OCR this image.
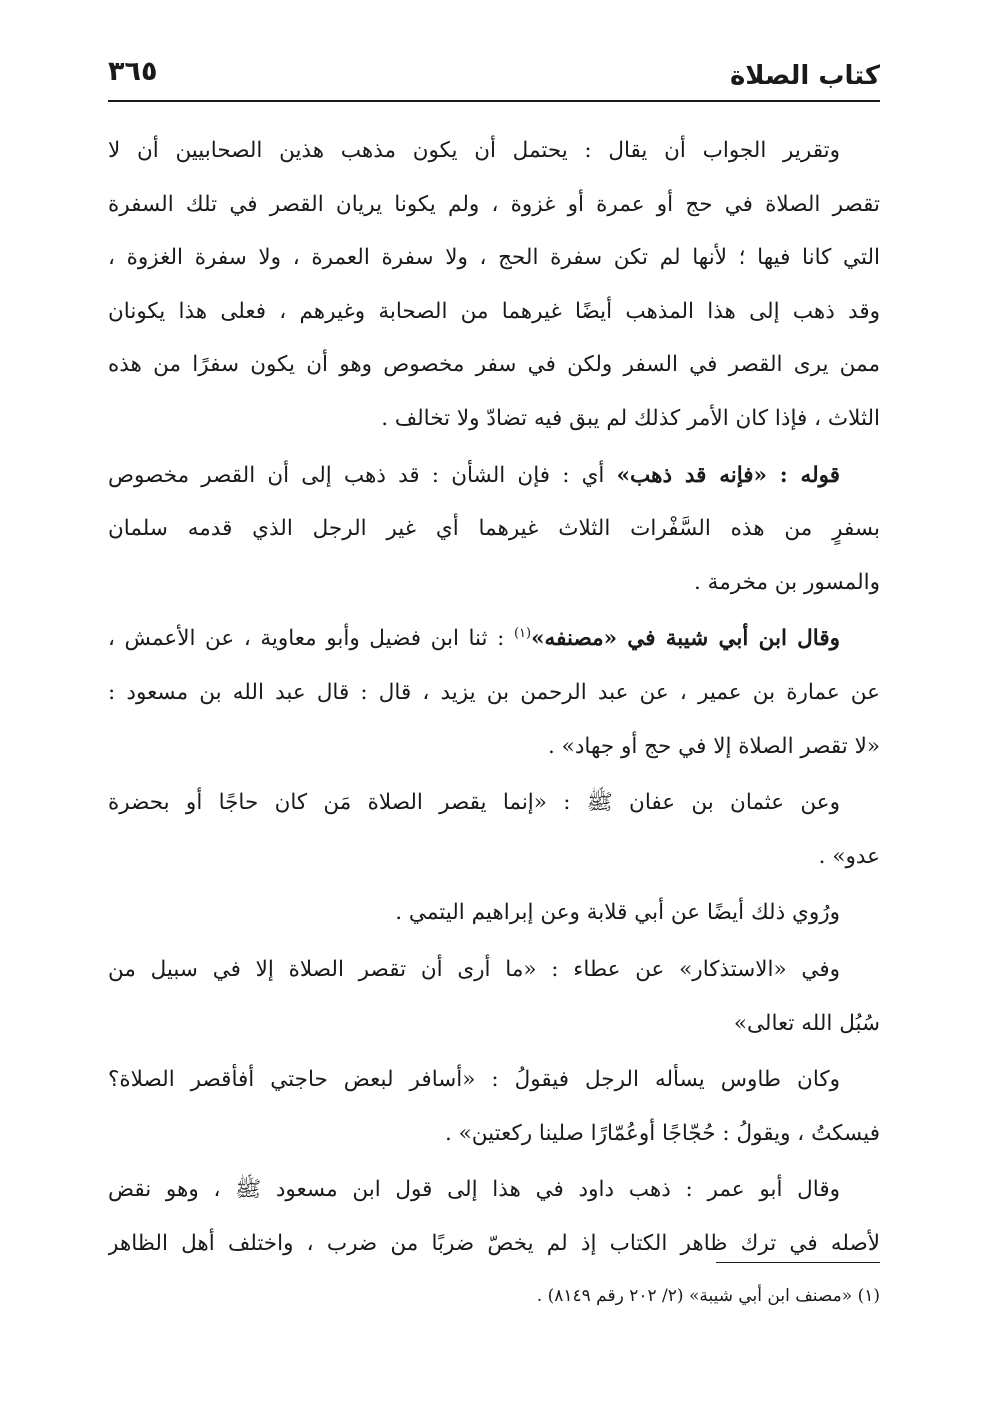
كتاب الصلاة
٣٦٥
وتقرير الجواب أن يقال : يحتمل أن يكون مذهب هذين الصحابيين أن لا
تقصر الصلاة في حج أو عمرة أو غزوة ، ولم يكونا يريان القصر في تلك السفرة
التي كانا فيها ؛ لأنها لم تكن سفرة الحج ، ولا سفرة العمرة ، ولا سفرة الغزوة ،
وقد ذهب إلى هذا المذهب أيضًا غيرهما من الصحابة وغيرهم ، فعلى هذا يكونان
ممن يرى القصر في السفر ولكن في سفر مخصوص وهو أن يكون سفرًا من هذه
الثلاث ، فإذا كان الأمر كذلك لم يبق فيه تضادّ ولا تخالف .
قوله : «فإنه قد ذهب» أي : فإن الشأن : قد ذهب إلى أن القصر مخصوص
بسفرٍ من هذه السَّفْرات الثلاث غيرهما أي غير الرجل الذي قدمه سلمان
والمسور بن مخرمة .
وقال ابن أبي شيبة في «مصنفه»$^{(١)}$ : ثنا ابن فضيل وأبو معاوية ، عن الأعمش ،
عن عمارة بن عمير ، عن عبد الرحمن بن يزيد ، قال : قال عبد الله بن مسعود :
«لا تقصر الصلاة إلا في حج أو جهاد» .
وعن عثمان بن عفان ﷺ : «إنما يقصر الصلاة مَن كان حاجًا أو بحضرة
عدو» .
ورُوي ذلك أيضًا عن أبي قلابة وعن إبراهيم اليتمي .
وفي «الاستذكار» عن عطاء : «ما أرى أن تقصر الصلاة إلا في سبيل من
سُبُل الله تعالى»
وكان طاوس يسأله الرجل فيقولُ : «أسافر لبعض حاجتي أفأقصر الصلاة؟
فيسكتُ ، ويقولُ : حُجّاجًا أوعُمّارًا صلينا ركعتين» .
وقال أبو عمر : ذهب داود في هذا إلى قول ابن مسعود ﷺ ، وهو نقض
لأصله في ترك ظاهر الكتاب إذ لم يخصّ ضربًا من ضرب ، واختلف أهل الظاهر
(١) «مصنف ابن أبي شيبة» (٢/ ٢٠٢ رقم ٨١٤٩) .
